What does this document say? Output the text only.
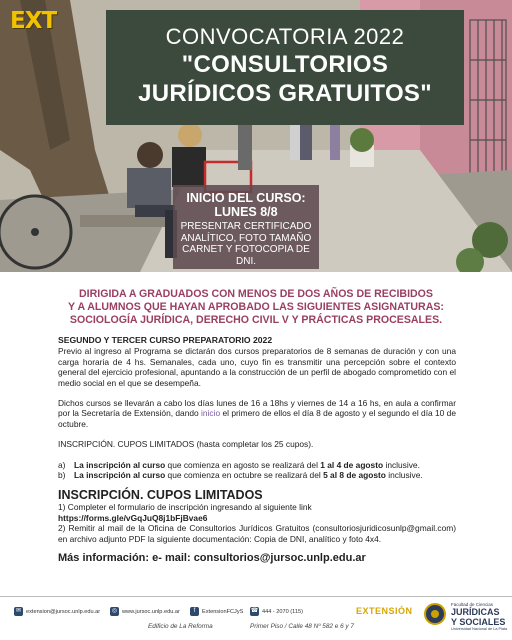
EXT
CONVOCATORIA 2022
"CONSULTORIOS
JURÍDICOS GRATUITOS"
INICIO DEL CURSO:
LUNES 8/8
PRESENTAR CERTIFICADO ANALÍTICO, FOTO TAMAÑO CARNET Y FOTOCOPIA DE DNI.
DIRIGIDA A GRADUADOS CON MENOS DE DOS AÑOS DE RECIBIDOS
Y A ALUMNOS QUE HAYAN APROBADO LAS SIGUIENTES ASIGNATURAS:
SOCIOLOGÍA JURÍDICA, DERECHO CIVIL V Y PRÁCTICAS PROCESALES.
SEGUNDO Y TERCER CURSO PREPARATORIO 2022

Previo al ingreso al Programa se dictarán dos cursos preparatorios de 8 semanas de duración y con una carga horaria de 4 hs. Semanales, cada uno, cuyo fin es transmitir una percepción sobre el contexto general del ejercicio profesional, apuntando a la construcción de un perfil de abogado comprometido con el medio social en el que se desempeña.

Dichos cursos se llevarán a cabo los días lunes de 16 a 18hs y viernes de 14 a 16 hs, en aula a confirmar por la Secretaría de Extensión, dando inicio el primero de ellos el día 8 de agosto y el segundo el día 10 de octubre.

INSCRIPCIÓN. CUPOS LIMITADOS (hasta completar los 25 cupos).

a)	La inscripción al curso que comienza en agosto se realizará del 1 al 4 de agosto inclusive.
b)	La inscripción al curso que comienza en octubre se realizará del 5 al 8 de agosto inclusive.
INSCRIPCIÓN. CUPOS LIMITADOS

1) Completer el formulario de inscripción ingresando al siguiente link

https://forms.gle/vGqJuQ8j1bFjBvae6

2) Remitir al mail de la Oficina de Consultorios Jurídicos Gratuitos (consultoriosjuridicosunlp@gmail.com) en archivo adjunto PDF la siguiente documentación: Copia de DNI, analítico y foto 4x4.

Más información: e- mail: consultorios@jursoc.unlp.edu.ar
✉ extension@jursoc.unlp.edu.ar	◎ www.jursoc.unlp.edu.ar	f	ExtensionFCJyS ☎ 444 - 2070 (115)
Edificio de La Reforma	Primer Piso / Calle 48 Nº 582 e 6 y 7
EXTENSIÓN
Facultad de Ciencias
JURÍDICAS
Y SOCIALES
Universidad Nacional de La Plata
